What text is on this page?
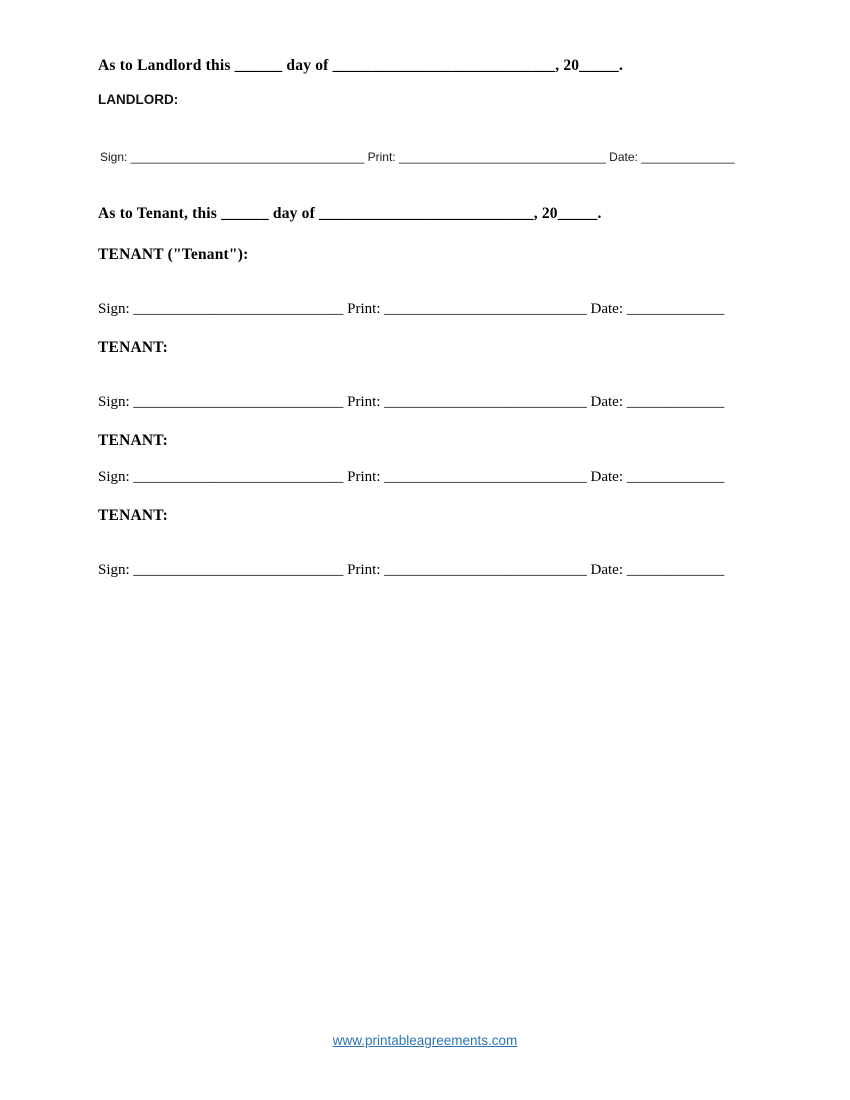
As to Landlord this ______ day of ____________________________, 20_____.
LANDLORD:
Sign: ___________________________________ Print: _______________________________ Date: ______________
As to Tenant, this ______ day of ___________________________, 20_____.
TENANT ("Tenant"):
Sign: ____________________________ Print: ___________________________ Date: _____________
TENANT:
Sign: ____________________________ Print: ___________________________ Date: _____________
TENANT:
Sign: ____________________________ Print: ___________________________ Date: _____________
TENANT:
Sign: ____________________________ Print: ___________________________ Date: _____________
www.printableagreements.com
